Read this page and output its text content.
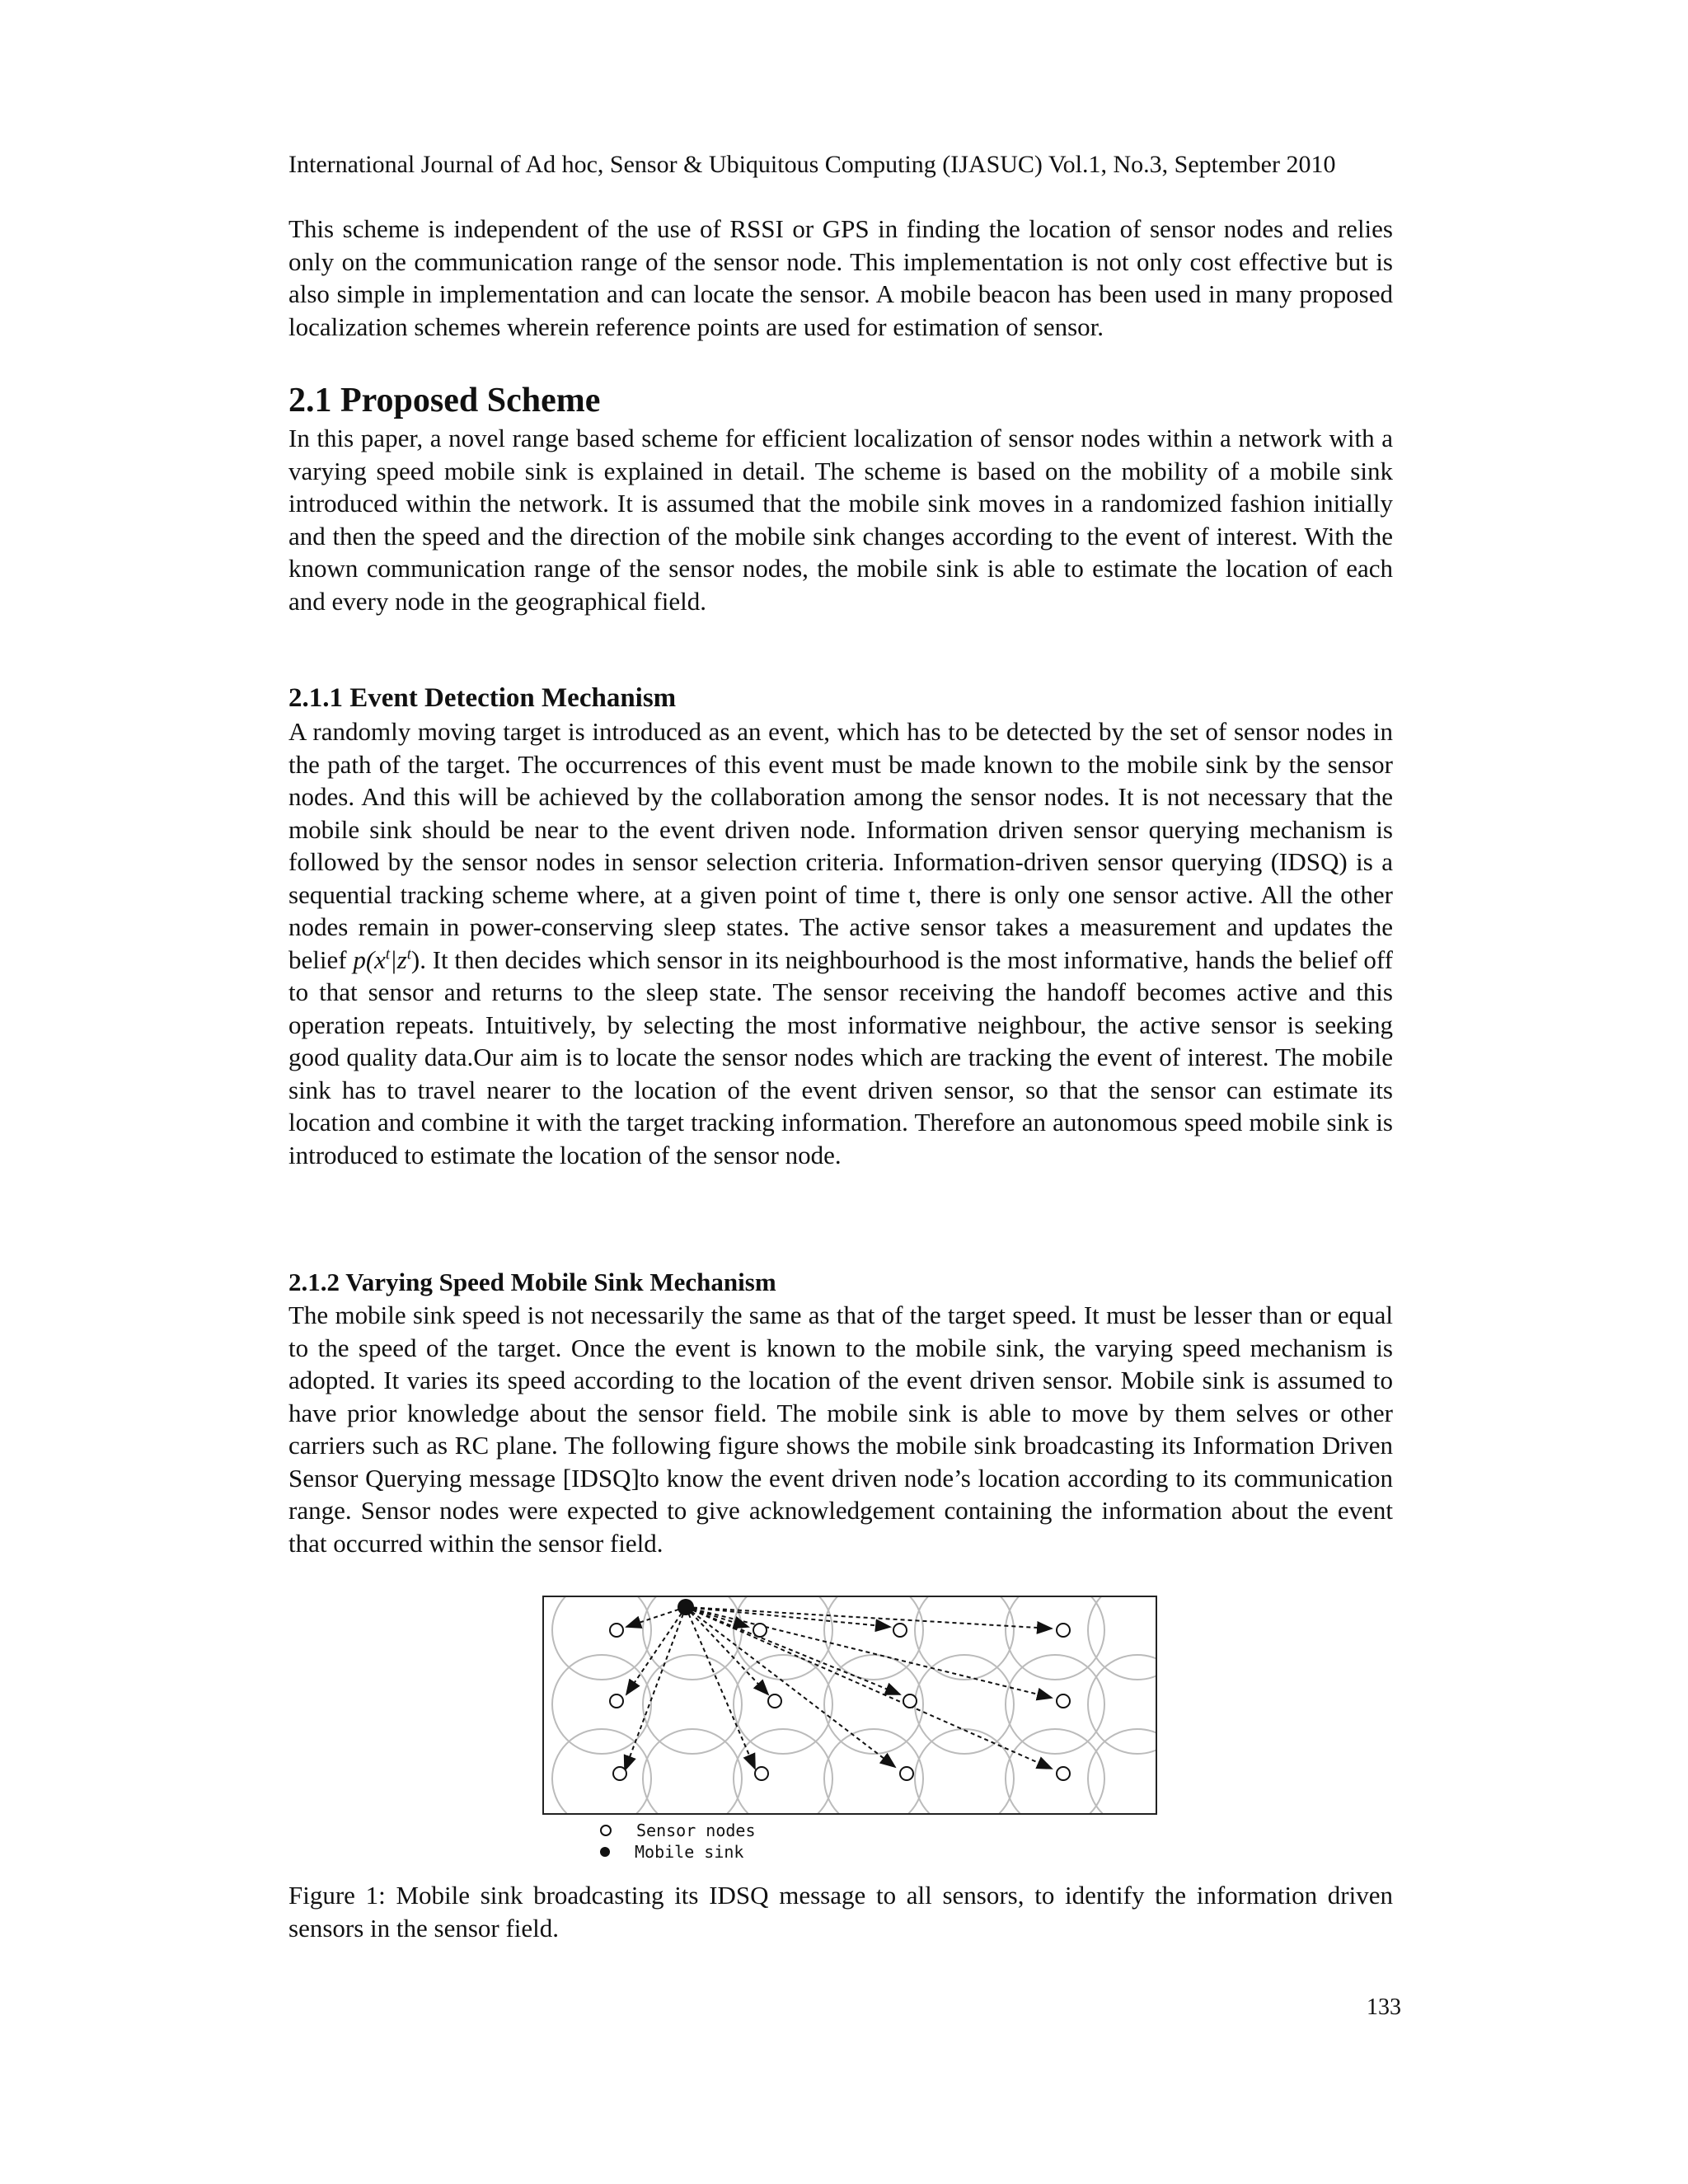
International Journal of Ad hoc, Sensor & Ubiquitous Computing (IJASUC) Vol.1, No.3, September 2010

This scheme is independent of the use of RSSI or GPS in finding the location of sensor nodes and relies only on the communication range of the sensor node. This implementation is not only cost effective but is also simple in implementation and can locate the sensor. A mobile beacon has been used in many proposed localization schemes wherein reference points are used for estimation of sensor.

2.1 Proposed Scheme

In this paper, a novel range based scheme for efficient localization of sensor nodes within a network with a varying speed mobile sink is explained in detail. The scheme is based on the mobility of a mobile sink introduced within the network. It is assumed that the mobile sink moves in a randomized fashion initially and then the speed and the direction of the mobile sink changes according to the event of interest. With the known communication range of the sensor nodes, the mobile sink is able to estimate the location of each and every node in the geographical field.

2.1.1 Event Detection Mechanism

A randomly moving target is introduced as an event, which has to be detected by the set of sensor nodes in the path of the target. The occurrences of this event must be made known to the mobile sink by the sensor nodes. And this will be achieved by the collaboration among the sensor nodes. It is not necessary that the mobile sink should be near to the event driven node. Information driven sensor querying mechanism is followed by the sensor nodes in sensor selection criteria. Information-driven sensor querying (IDSQ) is a sequential tracking scheme where, at a given point of time t, there is only one sensor active. All the other nodes remain in power-conserving sleep states. The active sensor takes a measurement and updates the belief $p(x^t|z^t)$. It then decides which sensor in its neighbourhood is the most informative, hands the belief off to that sensor and returns to the sleep state. The sensor receiving the handoff becomes active and this operation repeats. Intuitively, by selecting the most informative neighbour, the active sensor is seeking good quality data.Our aim is to locate the sensor nodes which are tracking the event of interest. The mobile sink has to travel nearer to the location of the event driven sensor, so that the sensor can estimate its location and combine it with the target tracking information. Therefore an autonomous speed mobile sink is introduced to estimate the location of the sensor node.

2.1.2 Varying Speed Mobile Sink Mechanism

The mobile sink speed is not necessarily the same as that of the target speed. It must be lesser than or equal to the speed of the target. Once the event is known to the mobile sink, the varying speed mechanism is adopted. It varies its speed according to the location of the event driven sensor. Mobile sink is assumed to have prior knowledge about the sensor field. The mobile sink is able to move by them selves or other carriers such as RC plane. The following figure shows the mobile sink broadcasting its Information Driven Sensor Querying message [IDSQ]to know the event driven node’s location according to its communication range. Sensor nodes were expected to give acknowledgement containing the information about the event that occurred within the sensor field.

Sensor nodes
Mobile sink

Figure 1: Mobile sink broadcasting its IDSQ message to all sensors, to identify the information driven sensors in the sensor field.

133
